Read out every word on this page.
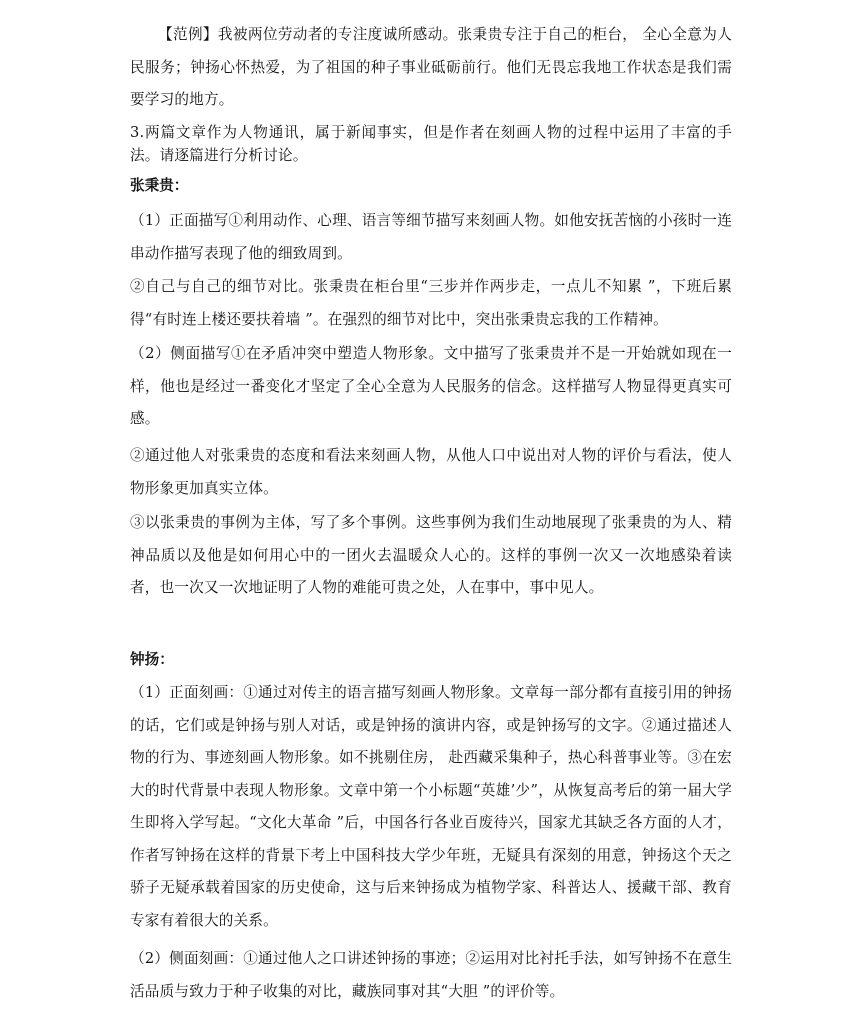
【范例】我被两位劳动者的专注度诚所感动。张秉贵专注于自己的柜台， 全心全意为人民服务；钟扬心怀热爱，为了祖国的种子事业砥砺前行。他们无畏忘我地工作状态是我们需要学习的地方。

3.两篇文章作为人物通讯，属于新闻事实，但是作者在刻画人物的过程中运用了丰富的手法。请逐篇进行分析讨论。

张秉贵：

（1）正面描写①利用动作、心理、语言等细节描写来刻画人物。如他安抚苦恼的小孩时一连串动作描写表现了他的细致周到。

②自己与自己的细节对比。张秉贵在柜台里“三步并作两步走，一点儿不知累 ”，下班后累得“有时连上楼还要扶着墙 ”。在强烈的细节对比中，突出张秉贵忘我的工作精神。

（2）侧面描写①在矛盾冲突中塑造人物形象。文中描写了张秉贵并不是一开始就如现在一样，他也是经过一番变化才坚定了全心全意为人民服务的信念。这样描写人物显得更真实可感。

②通过他人对张秉贵的态度和看法来刻画人物，从他人口中说出对人物的评价与看法，使人物形象更加真实立体。

③以张秉贵的事例为主体，写了多个事例。这些事例为我们生动地展现了张秉贵的为人、精神品质以及他是如何用心中的一团火去温暖众人心的。这样的事例一次又一次地感染着读者，也一次又一次地证明了人物的难能可贵之处，人在事中，事中见人。

钟扬：

（1）正面刻画：①通过对传主的语言描写刻画人物形象。文章每一部分都有直接引用的钟扬的话，它们或是钟扬与别人对话，或是钟扬的演讲内容，或是钟扬写的文字。②通过描述人物的行为、事迹刻画人物形象。如不挑剔住房， 赴西藏采集种子，热心科普事业等。③在宏大的时代背景中表现人物形象。文章中第一个小标题“英雄’少”，从恢复高考后的第一届大学生即将入学写起。“文化大革命 ”后，中国各行各业百废待兴，国家尤其缺乏各方面的人才，作者写钟扬在这样的背景下考上中国科技大学少年班，无疑具有深刻的用意，钟扬这个天之骄子无疑承载着国家的历史使命，这与后来钟扬成为植物学家、科普达人、援藏干部、教育专家有着很大的关系。

（2）侧面刻画：①通过他人之口讲述钟扬的事迹；②运用对比衬托手法，如写钟扬不在意生活品质与致力于种子收集的对比，藏族同事对其“大胆 ”的评价等。
